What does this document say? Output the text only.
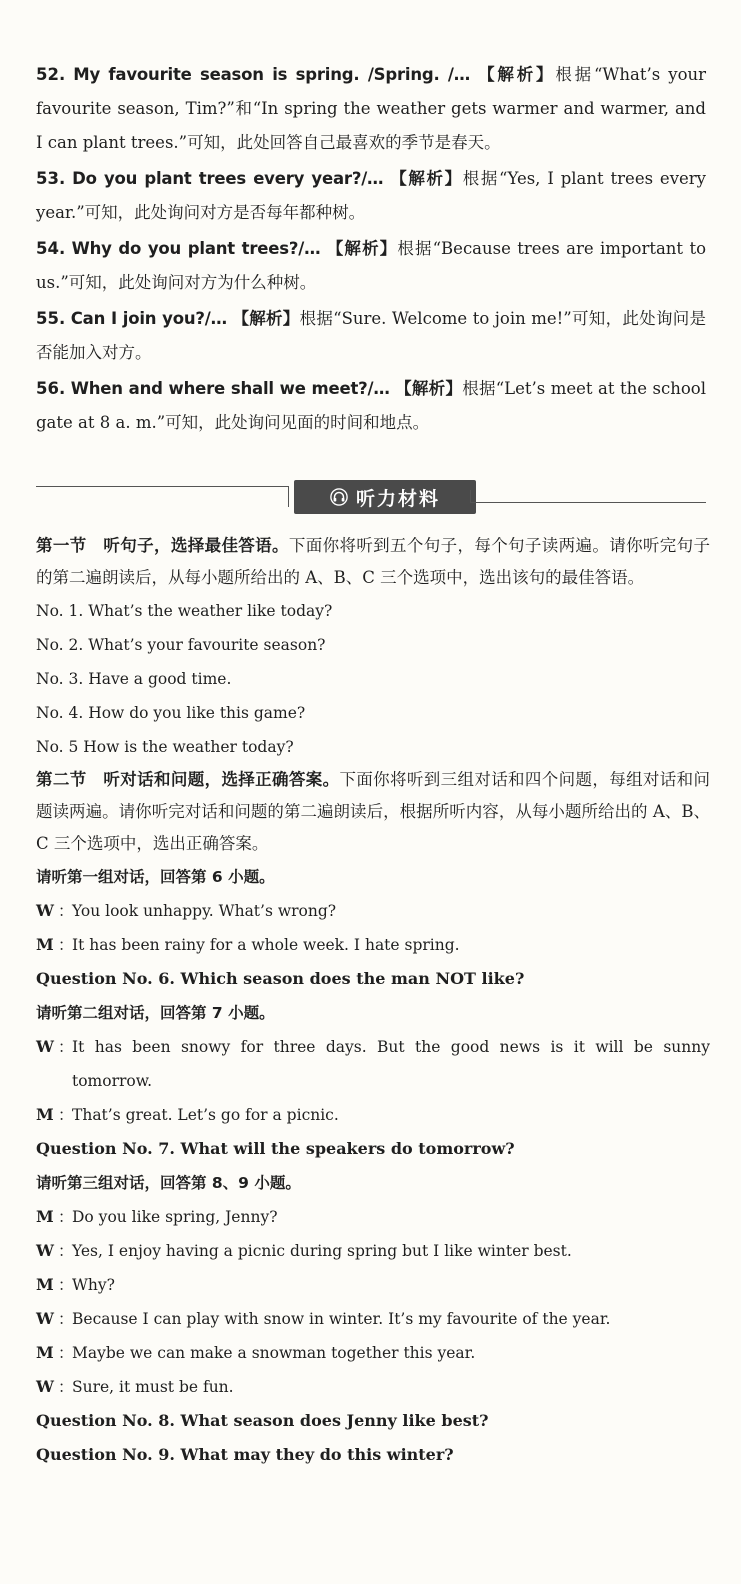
52. My favourite season is spring. /Spring. /… 【解析】根据“What’s your favourite season, Tim?”和“In spring the weather gets warmer and warmer, and I can plant trees.”可知，此处回答自己最喜欢的季节是春天。

53. Do you plant trees every year?/… 【解析】根据“Yes, I plant trees every year.”可知，此处询问对方是否每年都种树。

54. Why do you plant trees?/… 【解析】根据“Because trees are important to us.”可知，此处询问对方为什么种树。

55. Can I join you?/… 【解析】根据“Sure. Welcome to join me!”可知，此处询问是否能加入对方。

56. When and where shall we meet?/… 【解析】根据“Let’s meet at the school gate at 8 a. m.”可知，此处询问见面的时间和地点。

听力材料

第一节　听句子，选择最佳答语。下面你将听到五个句子，每个句子读两遍。请你听完句子的第二遍朗读后，从每小题所给出的 A、B、C 三个选项中，选出该句的最佳答语。

No. 1. What’s the weather like today?

No. 2. What’s your favourite season?

No. 3. Have a good time.

No. 4. How do you like this game?

No. 5 How is the weather today?

第二节　听对话和问题，选择正确答案。下面你将听到三组对话和四个问题，每组对话和问题读两遍。请你听完对话和问题的第二遍朗读后，根据所听内容，从每小题所给出的 A、B、C 三个选项中，选出正确答案。

请听第一组对话，回答第 6 小题。

W ：
You look unhappy. What’s wrong?
M ：
It has been rainy for a whole week. I hate spring.

Question No. 6. Which season does the man NOT like?

请听第二组对话，回答第 7 小题。

W ：
It has been snowy for three days. But the good news is it will be sunny tomorrow.
M ：
That’s great. Let’s go for a picnic.

Question No. 7. What will the speakers do tomorrow?

请听第三组对话，回答第 8、9 小题。

M ：
Do you like spring, Jenny?
W ：
Yes, I enjoy having a picnic during spring but I like winter best.
M ：
Why?
W ：
Because I can play with snow in winter. It’s my favourite of the year.
M ：
Maybe we can make a snowman together this year.
W ：
Sure, it must be fun.

Question No. 8. What season does Jenny like best?

Question No. 9. What may they do this winter?
